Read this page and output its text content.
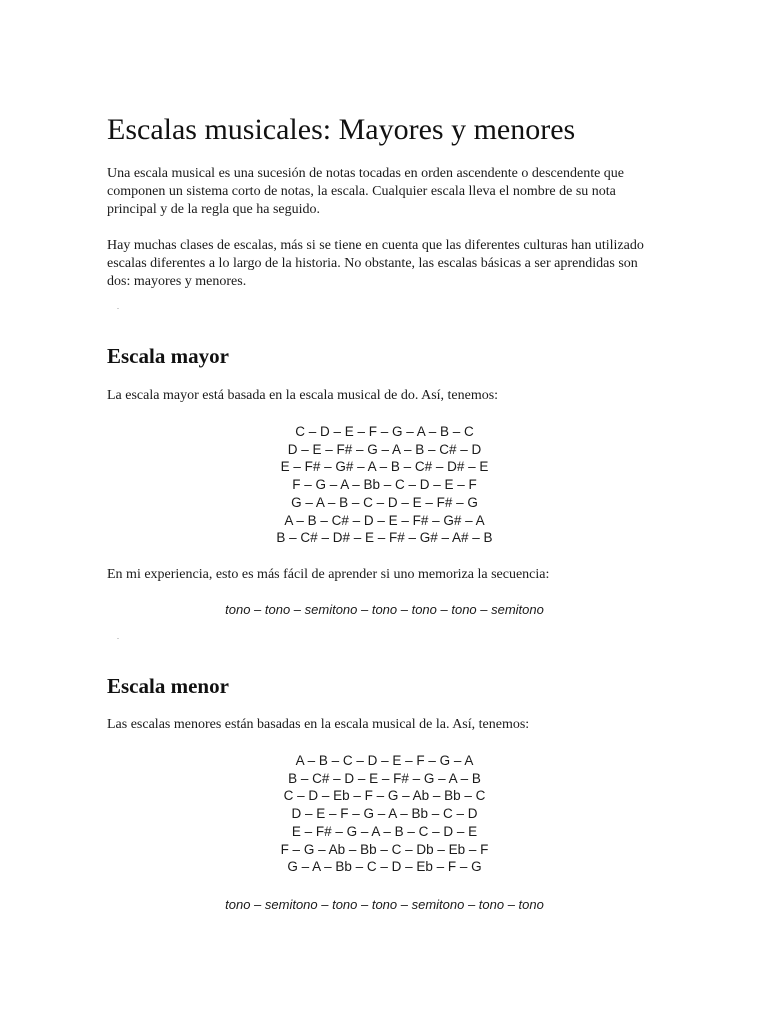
Escalas musicales: Mayores y menores

Una escala musical es una sucesión de notas tocadas en orden ascendente o descendente que componen un sistema corto de notas, la escala. Cualquier escala lleva el nombre de su nota principal y de la regla que ha seguido.

Hay muchas clases de escalas, más si se tiene en cuenta que las diferentes culturas han utilizado escalas diferentes a lo largo de la historia. No obstante, las escalas básicas a ser aprendidas son dos: mayores y menores.

Escala mayor

La escala mayor está basada en la escala musical de do. Así, tenemos:

C – D – E – F – G – A – B – C
D – E – F# – G – A – B – C# – D
E – F# – G# – A – B – C# – D# – E
F – G – A – Bb – C – D – E – F
G – A – B – C – D – E – F# – G
A – B – C# – D – E – F# – G# – A
B – C# – D# – E – F# – G# – A# – B

En mi experiencia, esto es más fácil de aprender si uno memoriza la secuencia:

tono – tono – semitono – tono – tono – tono – semitono
Escala menor

Las escalas menores están basadas en la escala musical de la. Así, tenemos:

A – B – C – D – E – F – G – A
B – C# – D – E – F# – G – A – B
C – D – Eb – F – G – Ab – Bb – C
D – E – F – G – A – Bb – C – D
E – F# – G – A – B – C – D – E
F – G – Ab – Bb – C – Db – Eb – F
G – A – Bb – C – D – Eb – F – G
tono – semitono – tono – tono – semitono – tono – tono
